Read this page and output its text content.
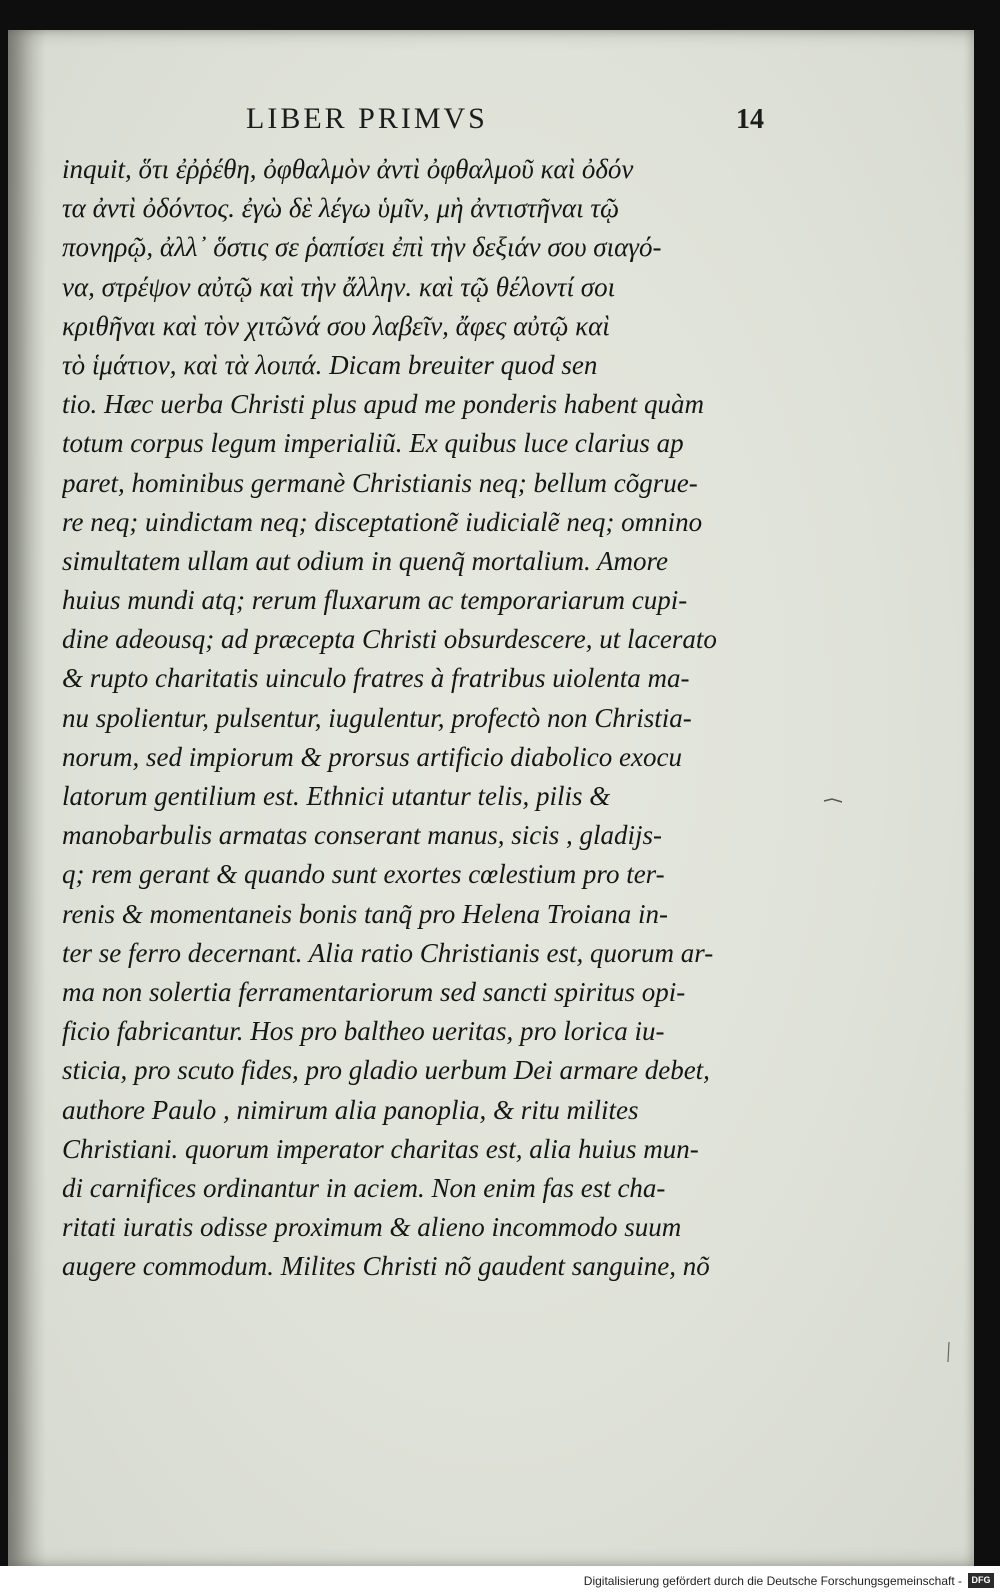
LIBER PRIMVS	14
inquit, ὅτι ἐῤῥέθη, ὀφθαλμὸν ἀντὶ ὀφθαλμοῦ καὶ ὀδόν
τα ἀντὶ ὀδόντος. ἐγὼ δὲ λέγω ὑμῖν, μὴ ἀντιστῆναι τῷ
πονηρῷ, ἀλλ᾽ ὅστις σε ῥαπίσει ἐπὶ τὴν δεξιάν σου σιαγό-
να, στρέψον αὐτῷ καὶ τὴν ἄλλην. καὶ τῷ θέλοντί σοι
κριθῆναι καὶ τὸν χιτῶνά σου λαβεῖν, ἄφες αὐτῷ καὶ
τὸ ἱμάτιον, καὶ τὰ λοιπά. Dicam breuiter quod sen
tio. Hæc uerba Christi plus apud me ponderis habent quàm
totum corpus legum imperialiũ. Ex quibus luce clarius ap
paret, hominibus germanè Christianis neq; bellum cõgrue-
re neq; uindictam neq; disceptationẽ iudicialẽ neq; omnino
simultatem ullam aut odium in quenq̃ mortalium. Amore
huius mundi atq; rerum fluxarum ac temporariarum cupi-
dine adeousq; ad præcepta Christi obsurdescere, ut lacerato
& rupto charitatis uinculo fratres à fratribus uiolenta ma-
nu spolientur, pulsentur, iugulentur, profectò non Christia-
norum, sed impiorum & prorsus artificio diabolico exocu
latorum gentilium est. Ethnici utantur telis, pilis &
manobarbulis armatas conserant manus, sicis , gladijs-
q; rem gerant & quando sunt exortes cœlestium pro ter-
renis & momentaneis bonis tanq̃ pro Helena Troiana in-
ter se ferro decernant. Alia ratio Christianis est, quorum ar-
ma non solertia ferramentariorum sed sancti spiritus opi-
ficio fabricantur. Hos pro baltheo ueritas, pro lorica iu-
sticia, pro scuto fides, pro gladio uerbum Dei armare debet,
authore Paulo , nimirum alia panoplia, & ritu milites
Christiani. quorum imperator charitas est, alia huius mun-
di carnifices ordinantur in aciem. Non enim fas est cha-
ritati iuratis odisse proximum & alieno incommodo suum
augere commodum. Milites Christi nõ gaudent sanguine, nõ
Digitalisierung gefördert durch die Deutsche Forschungsgemeinschaft -	DFG
